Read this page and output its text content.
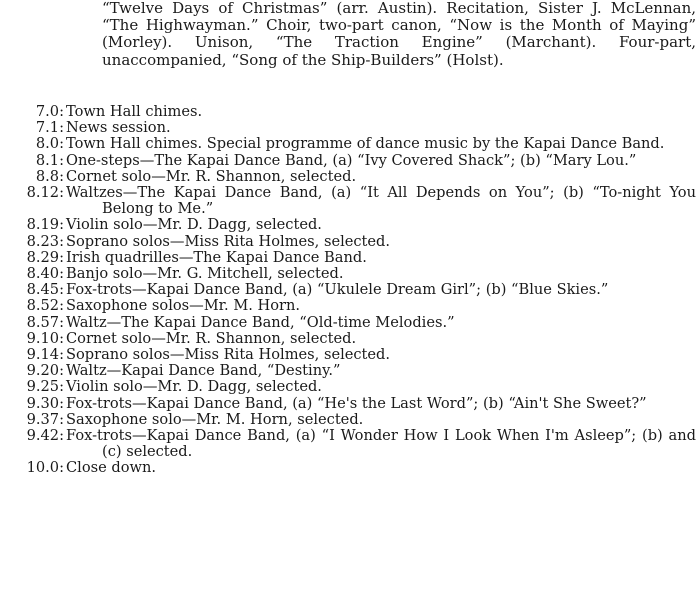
“Twelve Days of Christmas” (arr. Austin). Recitation, Sister J. McLennan, “The Highwayman.” Choir, two-part canon, “Now is the Month of Maying” (Morley). Unison, “The Traction Engine” (Marchant). Four-part, unaccompanied, “Song of the Ship-Builders” (Holst).
7.0: Town Hall chimes.
7.1: News session.
8.0: Town Hall chimes. Special programme of dance music by the Kapai Dance Band.
8.1: One-steps—The Kapai Dance Band, (a) “Ivy Covered Shack”; (b) “Mary Lou.”
8.8: Cornet solo—Mr. R. Shannon, selected.
8.12: Waltzes—The Kapai Dance Band, (a) “It All Depends on You”; (b) “To-night You Belong to Me.”
8.19: Violin solo—Mr. D. Dagg, selected.
8.23: Soprano solos—Miss Rita Holmes, selected.
8.29: Irish quadrilles—The Kapai Dance Band.
8.40: Banjo solo—Mr. G. Mitchell, selected.
8.45: Fox-trots—Kapai Dance Band, (a) “Ukulele Dream Girl”; (b) “Blue Skies.”
8.52: Saxophone solos—Mr. M. Horn.
8.57: Waltz—The Kapai Dance Band, “Old-time Melodies.”
9.10: Cornet solo—Mr. R. Shannon, selected.
9.14: Soprano solos—Miss Rita Holmes, selected.
9.20: Waltz—Kapai Dance Band, “Destiny.”
9.25: Violin solo—Mr. D. Dagg, selected.
9.30: Fox-trots—Kapai Dance Band, (a) “He's the Last Word”; (b) “Ain't She Sweet?”
9.37: Saxophone solo—Mr. M. Horn, selected.
9.42: Fox-trots—Kapai Dance Band, (a) “I Wonder How I Look When I'm Asleep”; (b) and (c) selected.
10.0: Close down.
